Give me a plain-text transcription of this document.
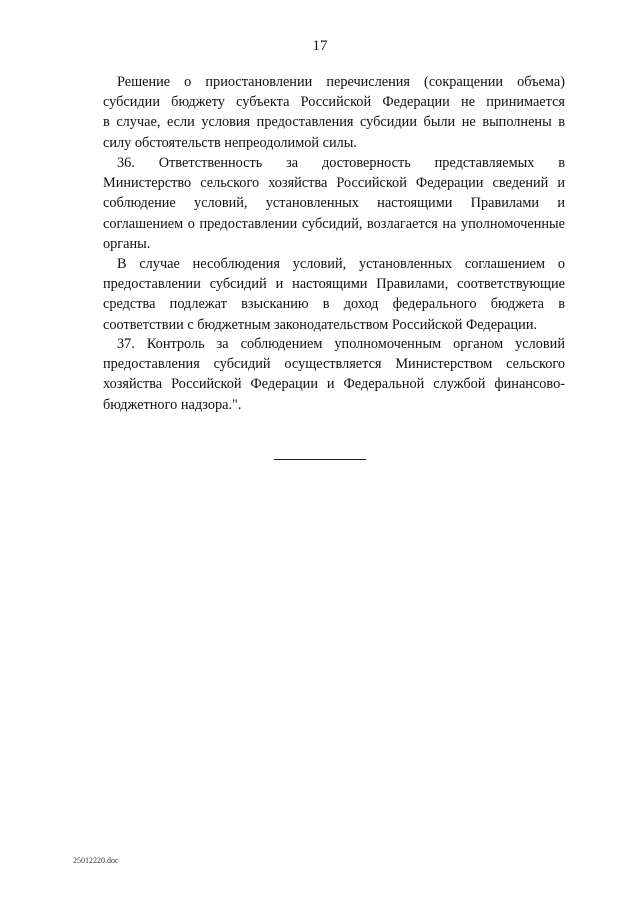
17

Решение о приостановлении перечисления (сокращении объема)
субсидии бюджету субъекта Российской Федерации не принимается
в случае, если условия предоставления субсидии были не выполнены в
силу обстоятельств непреодолимой силы.

36. Ответственность за достоверность представляемых в
Министерство сельского хозяйства Российской Федерации сведений и
соблюдение условий, установленных настоящими Правилами и
соглашением о предоставлении субсидий, возлагается на уполномоченные
органы.

В случае несоблюдения условий, установленных соглашением о
предоставлении субсидий и настоящими Правилами, соответствующие
средства подлежат взысканию в доход федерального бюджета в
соответствии с бюджетным законодательством Российской Федерации.

37. Контроль за соблюдением уполномоченным органом условий
предоставления субсидий осуществляется Министерством сельского
хозяйства Российской Федерации и Федеральной службой финансово-
бюджетного надзора.".

25012220.doc
